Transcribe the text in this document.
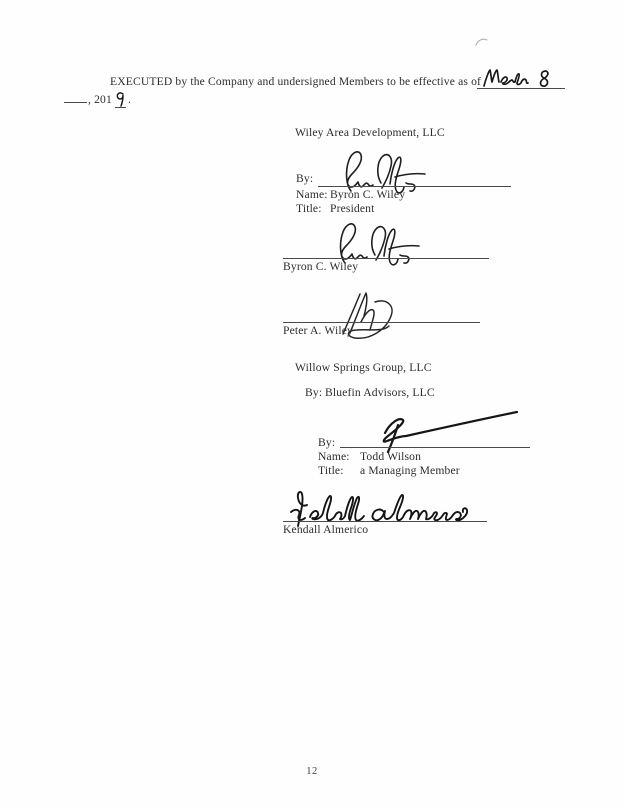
EXECUTED by the Company and undersigned Members to be effective as of
, 201 .
Wiley Area Development, LLC
By:
Name: Byron C. Wiley
Title: President
Byron C. Wiley
Peter A. Wiley
Willow Springs Group, LLC
By: Bluefin Advisors, LLC
By:
Name: Todd Wilson
Title: a Managing Member
Kendall Almerico
12
